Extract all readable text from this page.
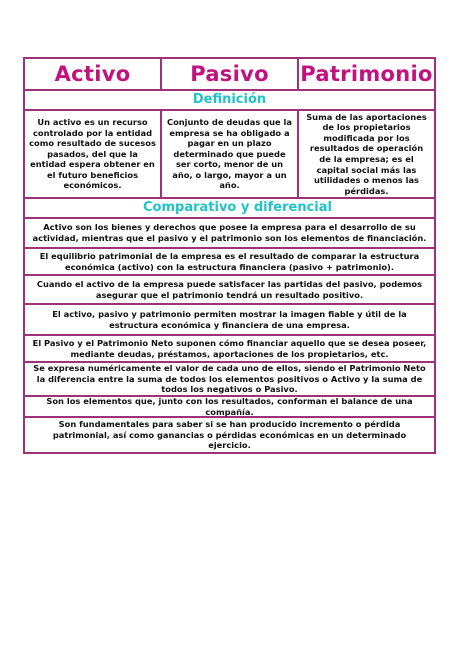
Activo	Pasivo	Patrimonio
Definición
Un activo es un recurso controlado por la entidad como resultado de sucesos pasados, del que la entidad espera obtener en el futuro beneficios económicos.
Conjunto de deudas que la empresa se ha obligado a pagar en un plazo determinado que puede ser corto, menor de un año, o largo, mayor a un año.
Suma de las aportaciones de los propietarios modificada por los resultados de operación de la empresa; es el capital social más las utilidades o menos las pérdidas.
Comparativo y diferencial
Activo son los bienes y derechos que posee la empresa para el desarrollo de su actividad, mientras que el pasivo y el patrimonio son los elementos de financiación.
El equilibrio patrimonial de la empresa es el resultado de comparar la estructura económica (activo) con la estructura financiera (pasivo + patrimonio).
Cuando el activo de la empresa puede satisfacer las partidas del pasivo, podemos asegurar que el patrimonio tendrá un resultado positivo.
El activo, pasivo y patrimonio permiten mostrar la imagen fiable y útil de la estructura económica y financiera de una empresa.
El Pasivo y el Patrimonio Neto suponen cómo financiar aquello que se desea poseer, mediante deudas, préstamos, aportaciones de los propietarios, etc.
Se expresa numéricamente el valor de cada uno de ellos, siendo el Patrimonio Neto la diferencia entre la suma de todos los elementos positivos o Activo y la suma de todos los negativos o Pasivo.
Son los elementos que, junto con los resultados, conforman el balance de una compañía.
Son fundamentales para saber si se han producido incremento o pérdida patrimonial, así como ganancias o pérdidas económicas en un determinado ejercicio.
